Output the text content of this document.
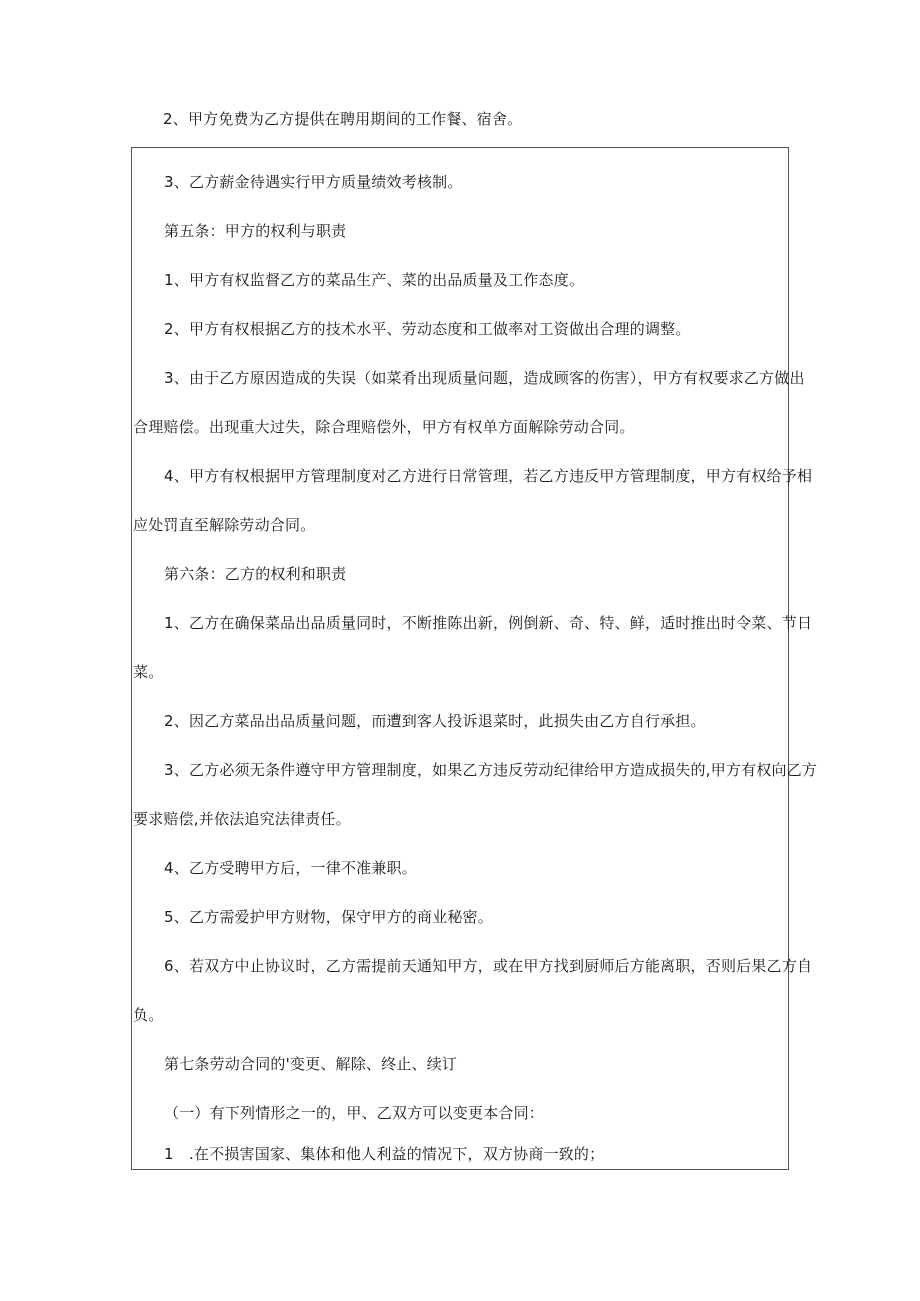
2、甲方免费为乙方提供在聘用期间的工作餐、宿舍。
3、乙方薪金待遇实行甲方质量绩效考核制。
第五条：甲方的权利与职责
1、甲方有权监督乙方的菜品生产、菜的出品质量及工作态度。
2、甲方有权根据乙方的技术水平、劳动态度和工做率对工资做出合理的调整。
3、由于乙方原因造成的失误（如菜肴出现质量问题，造成顾客的伤害），甲方有权要求乙方做出
合理赔偿。出现重大过失，除合理赔偿外，甲方有权单方面解除劳动合同。
4、甲方有权根据甲方管理制度对乙方进行日常管理，若乙方违反甲方管理制度，甲方有权给予相
应处罚直至解除劳动合同。
第六条：乙方的权利和职责
1、乙方在确保菜品出品质量同时，不断推陈出新，例倒新、奇、特、鲜，适时推出时令菜、节日
菜。
2、因乙方菜品出品质量问题，而遭到客人投诉退菜时，此损失由乙方自行承担。
3、乙方必须无条件遵守甲方管理制度，如果乙方违反劳动纪律给甲方造成损失的,甲方有权向乙方
要求赔偿,并依法追究法律责任。
4、乙方受聘甲方后，一律不准兼职。
5、乙方需爱护甲方财物，保守甲方的商业秘密。
6、若双方中止协议时，乙方需提前天通知甲方，或在甲方找到厨师后方能离职，否则后果乙方自
负。
第七条劳动合同的'变更、解除、终止、续订
（一）有下列情形之一的，甲、乙双方可以变更本合同：
1　.在不损害国家、集体和他人利益的情况下，双方协商一致的；
